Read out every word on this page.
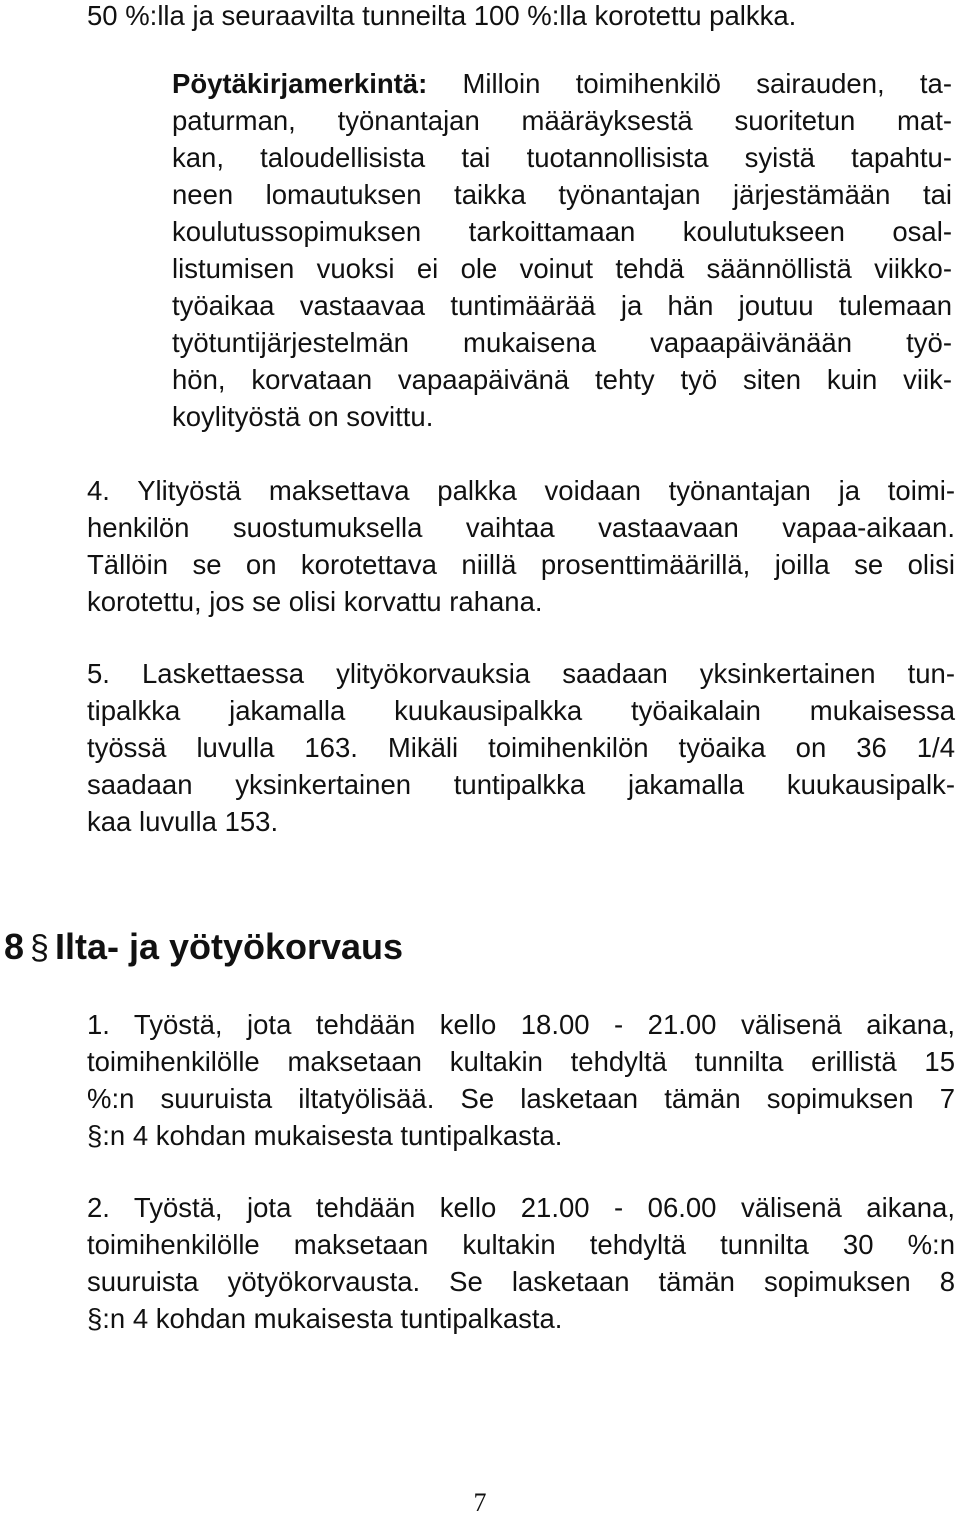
50 %:lla ja seuraavilta tunneilta 100 %:lla korotettu palkka.
Pöytäkirjamerkintä: Milloin toimihenkilö sairauden, ta-
paturman, työnantajan määräyksestä suoritetun mat-
kan, taloudellisista tai tuotannollisista syistä tapahtu-
neen lomautuksen taikka työnantajan järjestämään tai
koulutussopimuksen tarkoittamaan koulutukseen osal-
listumisen vuoksi ei ole voinut tehdä säännöllistä viikko-
työaikaa vastaavaa tuntimäärää ja hän joutuu tulemaan
työtuntijärjestelmän mukaisena vapaapäivänään työ-
hön, korvataan vapaapäivänä tehty työ siten kuin viik-
koylityöstä on sovittu.
4. Ylityöstä maksettava palkka voidaan työnantajan ja toimi-
henkilön suostumuksella vaihtaa vastaavaan vapaa-aikaan.
Tällöin se on korotettava niillä prosenttimäärillä, joilla se olisi
korotettu, jos se olisi korvattu rahana.
5. Laskettaessa ylityökorvauksia saadaan yksinkertainen tun-
tipalkka jakamalla kuukausipalkka työaikalain mukaisessa
työssä luvulla 163. Mikäli toimihenkilön työaika on 36 1/4
saadaan yksinkertainen tuntipalkka jakamalla kuukausipalk-
kaa luvulla 153.
8 § Ilta- ja yötyökorvaus
1. Työstä, jota tehdään kello 18.00 - 21.00 välisenä aikana,
toimihenkilölle maksetaan kultakin tehdyltä tunnilta erillistä 15
%:n suuruista iltatyölisää. Se lasketaan tämän sopimuksen 7
§:n 4 kohdan mukaisesta tuntipalkasta.
2. Työstä, jota tehdään kello 21.00 - 06.00 välisenä aikana,
toimihenkilölle maksetaan kultakin tehdyltä tunnilta 30 %:n
suuruista yötyökorvausta. Se lasketaan tämän sopimuksen 8
§:n 4 kohdan mukaisesta tuntipalkasta.
7
